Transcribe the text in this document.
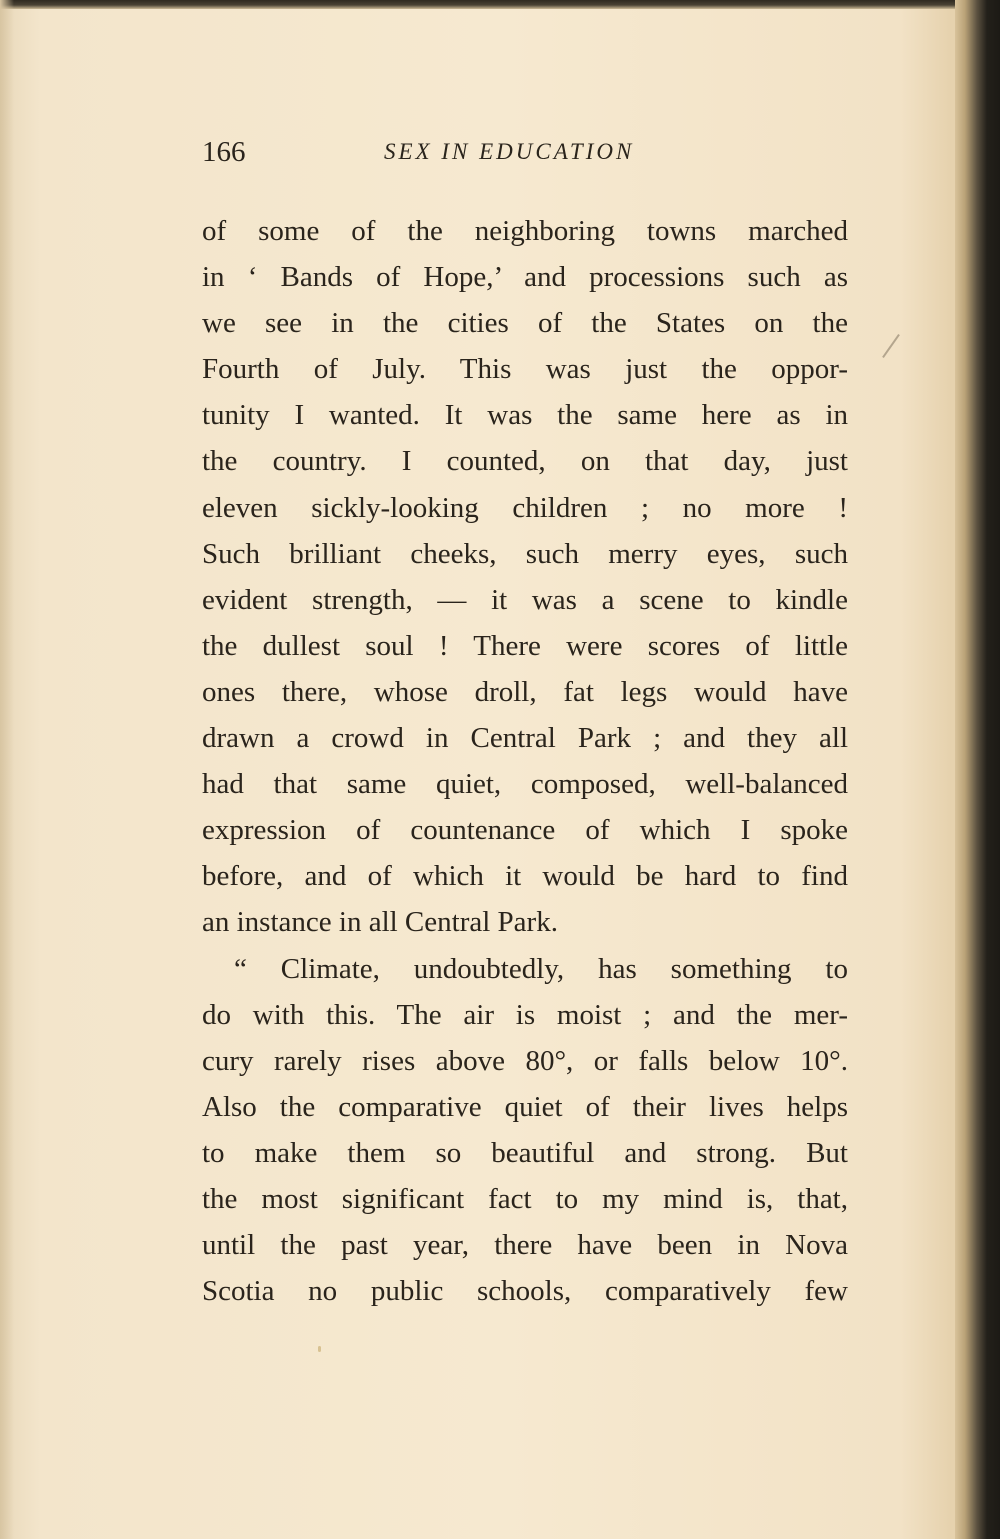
166	SEX IN EDUCATION
of some of the neighboring towns marched
in ‘ Bands of Hope,’ and processions such as
we see in the cities of the States on the
Fourth of July. This was just the oppor-
tunity I wanted. It was the same here as in
the country. I counted, on that day, just
eleven sickly-looking children ; no more !
Such brilliant cheeks, such merry eyes, such
evident strength, — it was a scene to kindle
the dullest soul ! There were scores of little
ones there, whose droll, fat legs would have
drawn a crowd in Central Park ; and they all
had that same quiet, composed, well-balanced
expression of countenance of which I spoke
before, and of which it would be hard to find
an instance in all Central Park.
“ Climate, undoubtedly, has something to
do with this. The air is moist ; and the mer-
cury rarely rises above 80°, or falls below 10°.
Also the comparative quiet of their lives helps
to make them so beautiful and strong. But
the most significant fact to my mind is, that,
until the past year, there have been in Nova
Scotia no public schools, comparatively few
